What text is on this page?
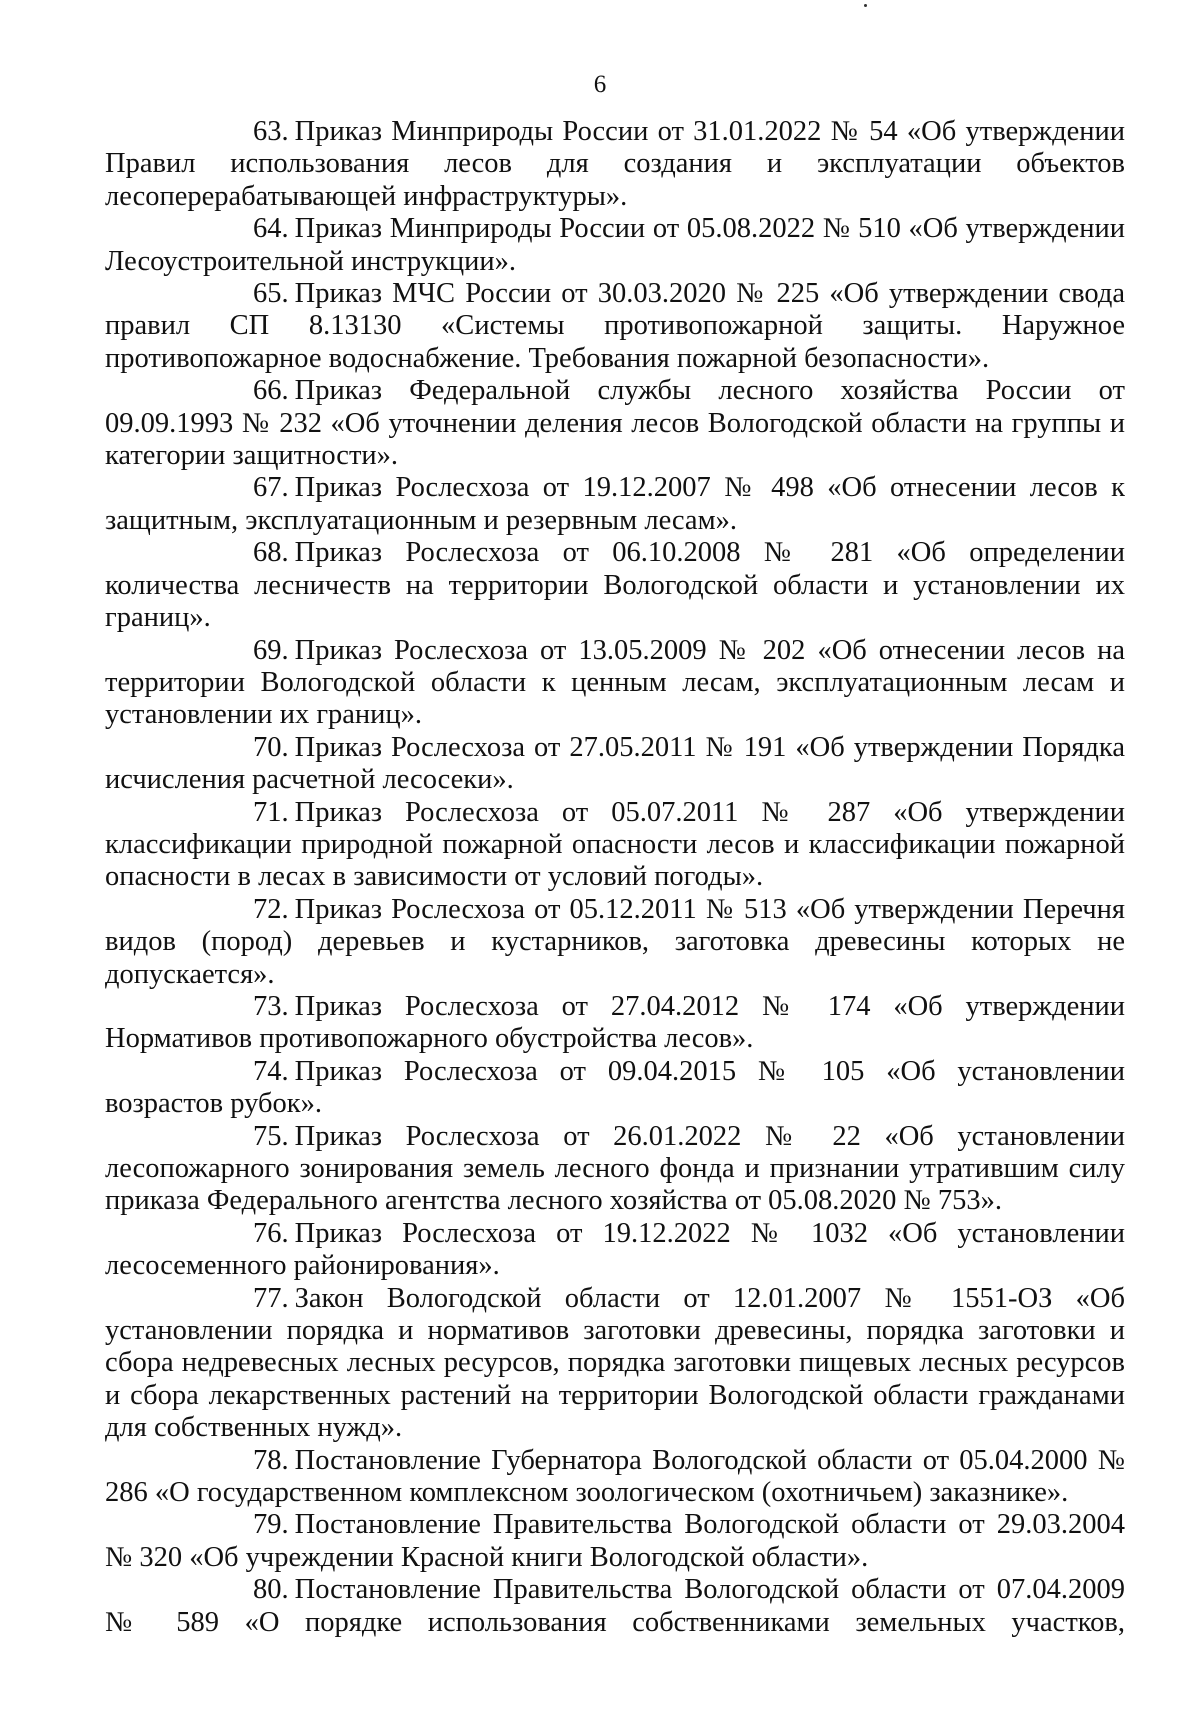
6

63. Приказ Минприроды России от 31.01.2022 № 54 «Об утверждении Правил использования лесов для создания и эксплуатации объектов лесоперерабатывающей инфраструктуры».

64. Приказ Минприроды России от 05.08.2022 № 510 «Об утверждении Лесоустроительной инструкции».

65. Приказ МЧС России от 30.03.2020 № 225 «Об утверждении свода правил СП 8.13130 «Системы противопожарной защиты. Наружное противопожарное водоснабжение. Требования пожарной безопасности».

66. Приказ Федеральной службы лесного хозяйства России от 09.09.1993 № 232 «Об уточнении деления лесов Вологодской области на группы и категории защитности».

67. Приказ Рослесхоза от 19.12.2007 № 498 «Об отнесении лесов к защитным, эксплуатационным и резервным лесам».

68. Приказ Рослесхоза от 06.10.2008 № 281 «Об определении количества лесничеств на территории Вологодской области и установлении их границ».

69. Приказ Рослесхоза от 13.05.2009 № 202 «Об отнесении лесов на территории Вологодской области к ценным лесам, эксплуатационным лесам и установлении их границ».

70. Приказ Рослесхоза от 27.05.2011 № 191 «Об утверждении Порядка исчисления расчетной лесосеки».

71. Приказ Рослесхоза от 05.07.2011 № 287 «Об утверждении классификации природной пожарной опасности лесов и классификации пожарной опасности в лесах в зависимости от условий погоды».

72. Приказ Рослесхоза от 05.12.2011 № 513 «Об утверждении Перечня видов (пород) деревьев и кустарников, заготовка древесины которых не допускается».

73. Приказ Рослесхоза от 27.04.2012 № 174 «Об утверждении Нормативов противопожарного обустройства лесов».

74. Приказ Рослесхоза от 09.04.2015 № 105 «Об установлении возрастов рубок».

75. Приказ Рослесхоза от 26.01.2022 № 22 «Об установлении лесопожарного зонирования земель лесного фонда и признании утратившим силу приказа Федерального агентства лесного хозяйства от 05.08.2020 № 753».

76. Приказ Рослесхоза от 19.12.2022 № 1032 «Об установлении лесосеменного районирования».

77. Закон Вологодской области от 12.01.2007 № 1551-ОЗ «Об установлении порядка и нормативов заготовки древесины, порядка заготовки и сбора недревесных лесных ресурсов, порядка заготовки пищевых лесных ресурсов и сбора лекарственных растений на территории Вологодской области гражданами для собственных нужд».

78. Постановление Губернатора Вологодской области от 05.04.2000 № 286 «О государственном комплексном зоологическом (охотничьем) заказнике».

79. Постановление Правительства Вологодской области от 29.03.2004 № 320 «Об учреждении Красной книги Вологодской области».

80. Постановление Правительства Вологодской области от 07.04.2009 № 589 «О порядке использования собственниками земельных участков,
